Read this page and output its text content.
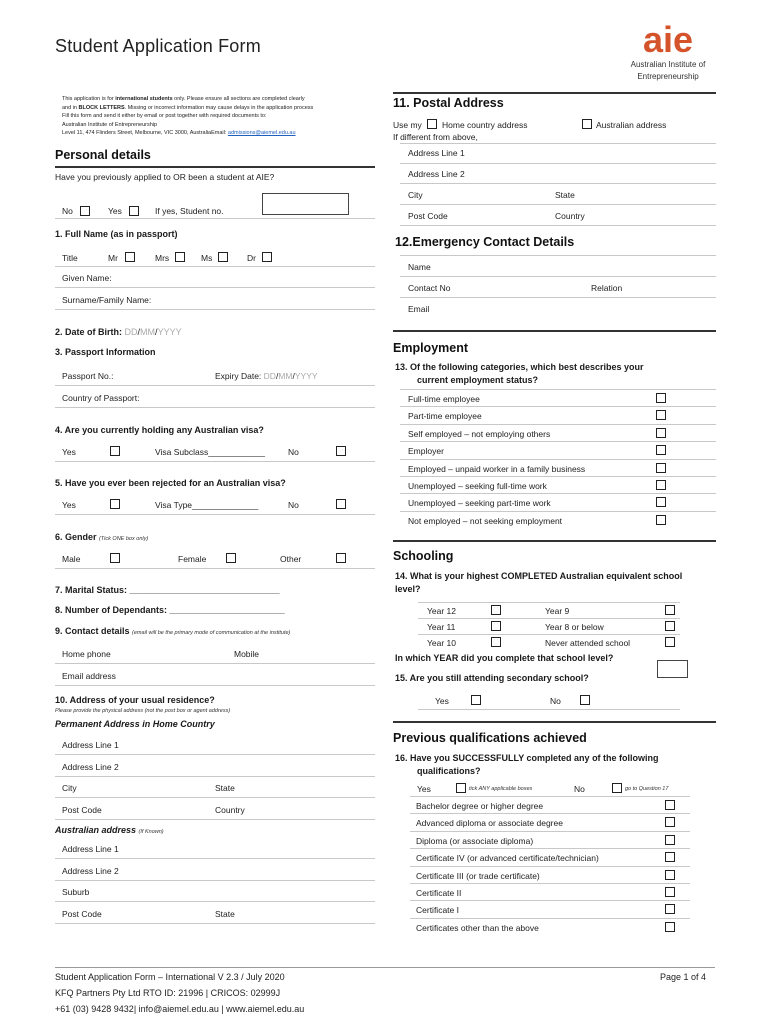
Student Application Form	aie
Australian Institute of
Entrepreneurship
This application is for international students only. Please ensure all sections are completed clearly
and in BLOCK LETTERS. Missing or incorrect information may cause delays in the application process
Fill this form and send it either by email or post together with required documents to:
Australian Institute of Entrepreneurship
Level 11, 474 Flinders Street, Melbourne, VIC 3000, AustraliaEmail: admissions@aiemel.edu.au
Personal details
Have you previously applied to OR been a student at AIE?
No	Yes	If yes, Student no.
1. Full Name (as in passport)
Title	Mr	Mrs	Ms	Dr
Given Name:
Surname/Family Name:
2. Date of Birth: DD/MM/YYYY
3. Passport Information
Passport No.:	Expiry Date: DD/MM/YYYY
Country of Passport:
4. Are you currently holding any Australian visa?
Yes	Visa Subclass____________	No
5. Have you ever been rejected for an Australian visa?
Yes	Visa Type______________	No
6. Gender (Tick ONE box only)
Male	Female	Other
7. Marital Status: ______________________________
8. Number of Dependants: _______________________
9. Contact details (email will be the primary mode of communication at the institute)
Home phone	Mobile
Email address
10. Address of your usual residence?
Please provide the physical address (not the post box or agent address)
Permanent Address in Home Country
Address Line 1
Address Line 2
City	State
Post Code	Country
Australian address (If Known)
Address Line 1
Address Line 2
Suburb
Post Code	State
11. Postal Address
Use my Home country address	Australian address
If different from above,
Address Line 1
Address Line 2
City	State
Post Code	Country
12.Emergency Contact Details
Name
Contact No	Relation
Email
Employment
13. Of the following categories, which best describes your
current employment status?
Full-time employee
Part-time employee
Self employed – not employing others
Employer
Employed – unpaid worker in a family business
Unemployed – seeking full-time work
Unemployed – seeking part-time work
Not employed – not seeking employment
Schooling
14. What is your highest COMPLETED Australian equivalent school
level?
Year 12	Year 9
Year 11	Year 8 or below
Year 10	Never attended school
In which YEAR did you complete that school level?
15. Are you still attending secondary school?
Yes	No
Previous qualifications achieved
16. Have you SUCCESSFULLY completed any of the following
qualifications?
Yes	tick ANY applicable boxes	No	go to Question 17
Bachelor degree or higher degree
Advanced diploma or associate degree
Diploma (or associate diploma)
Certificate IV (or advanced certificate/technician)
Certificate III (or trade certificate)
Certificate II
Certificate I
Certificates other than the above
Student Application Form – International V 2.3 / July 2020
KFQ Partners Pty Ltd RTO ID: 21996 | CRICOS: 02999J
+61 (03) 9428 9432| info@aiemel.edu.au | www.aiemel.edu.au
Page 1 of 4
